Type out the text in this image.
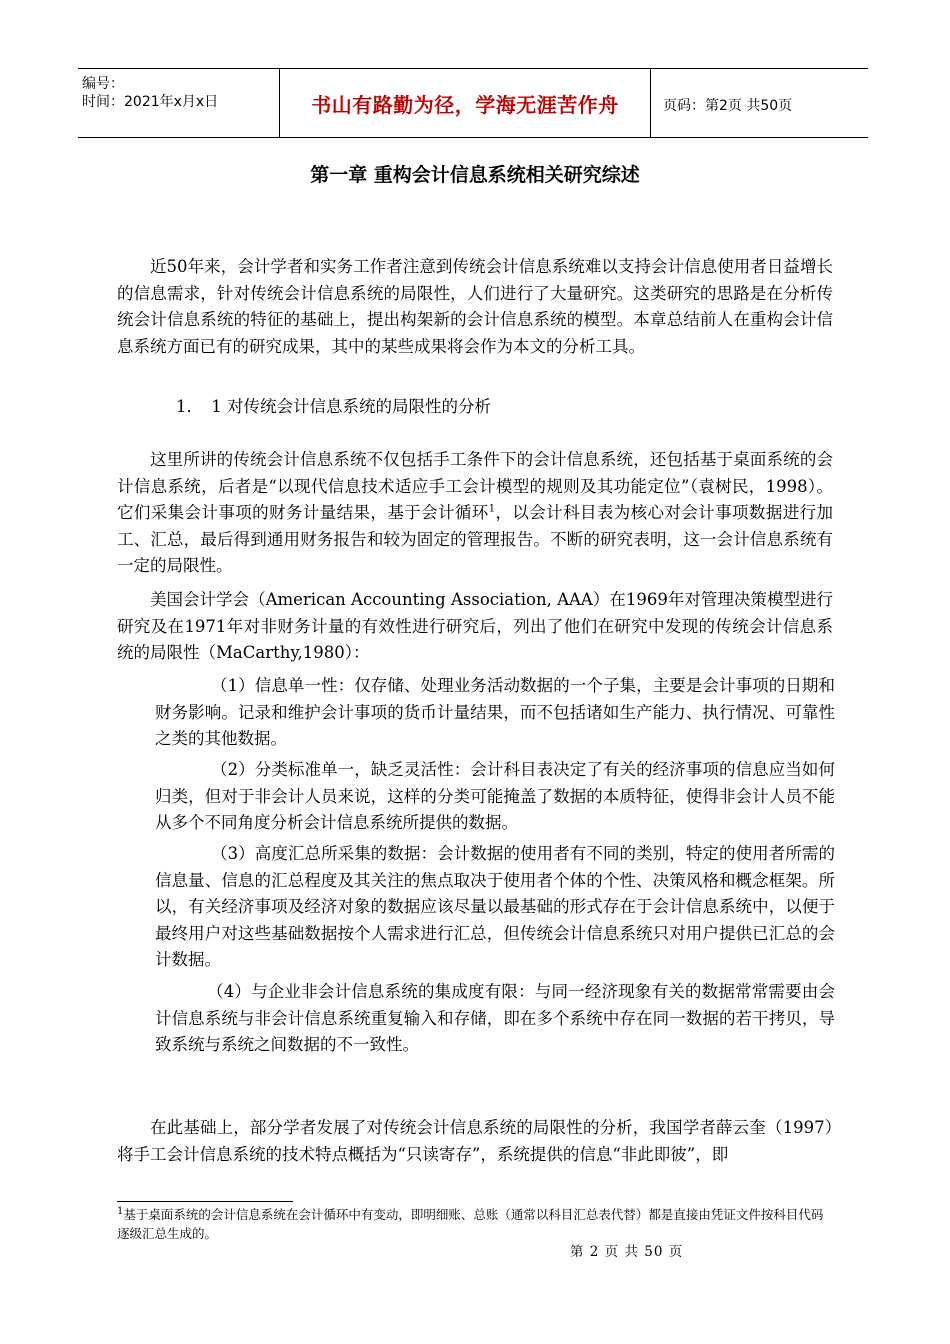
编号：
时间：2021年x月x日	书山有路勤为径，学海无涯苦作舟	页码：第2页 共50页
第一章 重构会计信息系统相关研究综述

近50年来，会计学者和实务工作者注意到传统会计信息系统难以支持会计信息使用者日益增长的信息需求，针对传统会计信息系统的局限性，人们进行了大量研究。这类研究的思路是在分析传统会计信息系统的特征的基础上，提出构架新的会计信息系统的模型。本章总结前人在重构会计信息系统方面已有的研究成果，其中的某些成果将会作为本文的分析工具。

1．　1 对传统会计信息系统的局限性的分析

这里所讲的传统会计信息系统不仅包括手工条件下的会计信息系统，还包括基于桌面系统的会计信息系统，后者是“以现代信息技术适应手工会计模型的规则及其功能定位”（袁树民，1998）。它们采集会计事项的财务计量结果，基于会计循环$^1$，以会计科目表为核心对会计事项数据进行加工、汇总，最后得到通用财务报告和较为固定的管理报告。不断的研究表明，这一会计信息系统有一定的局限性。

美国会计学会（American Accounting Association, AAA）在1969年对管理决策模型进行研究及在1971年对非财务计量的有效性进行研究后，列出了他们在研究中发现的传统会计信息系统的局限性（MaCarthy,1980）：

（1）信息单一性：仅存储、处理业务活动数据的一个子集，主要是会计事项的日期和财务影响。记录和维护会计事项的货币计量结果，而不包括诸如生产能力、执行情况、可靠性之类的其他数据。

（2）分类标准单一，缺乏灵活性：会计科目表决定了有关的经济事项的信息应当如何归类，但对于非会计人员来说，这样的分类可能掩盖了数据的本质特征，使得非会计人员不能从多个不同角度分析会计信息系统所提供的数据。

（3）高度汇总所采集的数据：会计数据的使用者有不同的类别，特定的使用者所需的信息量、信息的汇总程度及其关注的焦点取决于使用者个体的个性、决策风格和概念框架。所以，有关经济事项及经济对象的数据应该尽量以最基础的形式存在于会计信息系统中，以便于最终用户对这些基础数据按个人需求进行汇总，但传统会计信息系统只对用户提供已汇总的会计数据。

（4）与企业非会计信息系统的集成度有限：与同一经济现象有关的数据常常需要由会计信息系统与非会计信息系统重复输入和存储，即在多个系统中存在同一数据的若干拷贝，导致系统与系统之间数据的不一致性。

在此基础上，部分学者发展了对传统会计信息系统的局限性的分析，我国学者薛云奎（1997）将手工会计信息系统的技术特点概括为“只读寄存”，系统提供的信息“非此即彼”，即

$^1$基于桌面系统的会计信息系统在会计循环中有变动，即明细账、总账（通常以科目汇总表代替）都是直接由凭证文件按科目代码逐级汇总生成的。

第 2 页 共 50 页
